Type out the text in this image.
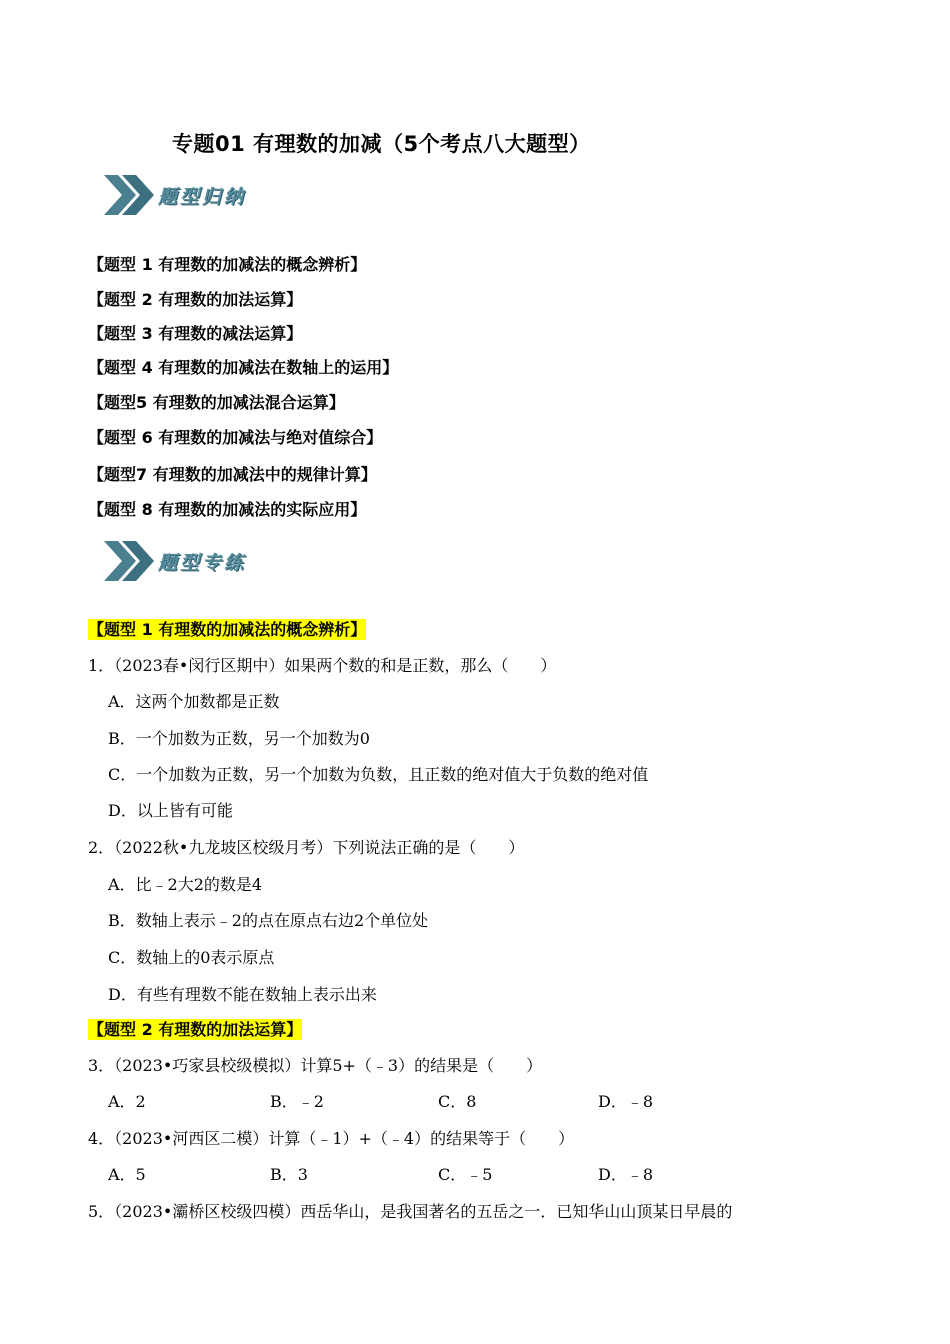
专题01 有理数的加减（5个考点八大题型）
题型归纳
【题型 1 有理数的加减法的概念辨析】
【题型 2 有理数的加法运算】
【题型 3 有理数的减法运算】
【题型 4 有理数的加减法在数轴上的运用】
【题型5 有理数的加减法混合运算】
【题型 6 有理数的加减法与绝对值综合】
【题型7 有理数的加减法中的规律计算】
【题型 8 有理数的加减法的实际应用】
题型专练
【题型 1 有理数的加减法的概念辨析】
1．（2023春•闵行区期中）如果两个数的和是正数，那么（　　）
A．这两个加数都是正数
B．一个加数为正数，另一个加数为0
C．一个加数为正数，另一个加数为负数，且正数的绝对值大于负数的绝对值
D．以上皆有可能
2．（2022秋•九龙坡区校级月考）下列说法正确的是（　　）
A．比﹣2大2的数是4
B．数轴上表示﹣2的点在原点右边2个单位处
C．数轴上的0表示原点
D．有些有理数不能在数轴上表示出来
【题型 2 有理数的加法运算】
3．（2023•巧家县校级模拟）计算5+（﹣3）的结果是（　　）
A．2	B．﹣2	C．8	D．﹣8
4．（2023•河西区二模）计算（﹣1）+（﹣4）的结果等于（　　）
A．5	B．3	C．﹣5	D．﹣8
5．（2023•灞桥区校级四模）西岳华山，是我国著名的五岳之一．已知华山山顶某日早晨的
